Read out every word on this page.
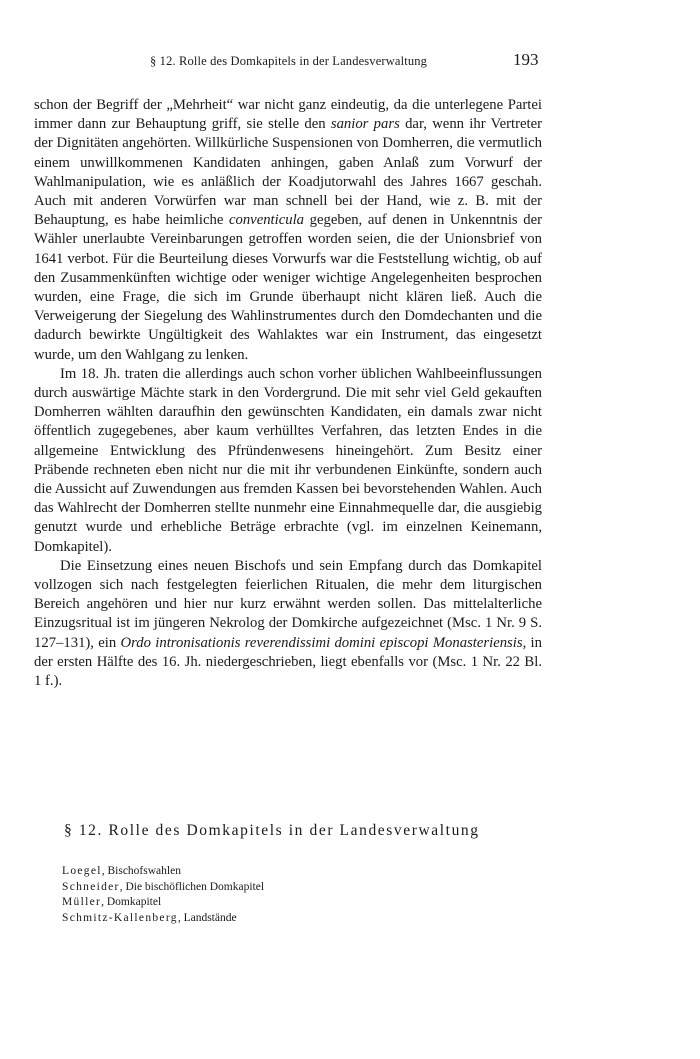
§ 12. Rolle des Domkapitels in der Landesverwaltung	193

schon der Begriff der „Mehrheit“ war nicht ganz eindeutig, da die unterlegene Partei immer dann zur Behauptung griff, sie stelle den sanior pars dar, wenn ihr Vertreter der Dignitäten angehörten. Willkürliche Suspensionen von Domherren, die vermutlich einem unwillkommenen Kandidaten anhingen, gaben Anlaß zum Vorwurf der Wahlmanipulation, wie es anläßlich der Koadjutorwahl des Jahres 1667 geschah. Auch mit anderen Vorwürfen war man schnell bei der Hand, wie z. B. mit der Behauptung, es habe heimliche conventicula gegeben, auf denen in Unkenntnis der Wähler unerlaubte Vereinbarungen getroffen worden seien, die der Unionsbrief von 1641 verbot. Für die Beurteilung dieses Vorwurfs war die Feststellung wichtig, ob auf den Zusammenkünften wichtige oder weniger wichtige Angelegenheiten besprochen wurden, eine Frage, die sich im Grunde überhaupt nicht klären ließ. Auch die Verweigerung der Siegelung des Wahlinstrumentes durch den Domdechanten und die dadurch bewirkte Ungültigkeit des Wahlaktes war ein Instrument, das eingesetzt wurde, um den Wahlgang zu lenken.

Im 18. Jh. traten die allerdings auch schon vorher üblichen Wahlbeeinflussungen durch auswärtige Mächte stark in den Vordergrund. Die mit sehr viel Geld gekauften Domherren wählten daraufhin den gewünschten Kandidaten, ein damals zwar nicht öffentlich zugegebenes, aber kaum verhülltes Verfahren, das letzten Endes in die allgemeine Entwicklung des Pfründenwesens hineingehört. Zum Besitz einer Präbende rechneten eben nicht nur die mit ihr verbundenen Einkünfte, sondern auch die Aussicht auf Zuwendungen aus fremden Kassen bei bevorstehenden Wahlen. Auch das Wahlrecht der Domherren stellte nunmehr eine Einnahmequelle dar, die ausgiebig genutzt wurde und erhebliche Beträge erbrachte (vgl. im einzelnen Keinemann, Domkapitel).

Die Einsetzung eines neuen Bischofs und sein Empfang durch das Domkapitel vollzogen sich nach festgelegten feierlichen Ritualen, die mehr dem liturgischen Bereich angehören und hier nur kurz erwähnt werden sollen. Das mittelalterliche Einzugsritual ist im jüngeren Nekrolog der Domkirche aufgezeichnet (Msc. 1 Nr. 9 S. 127–131), ein Ordo intronisationis reverendissimi domini episcopi Monasteriensis, in der ersten Hälfte des 16. Jh. niedergeschrieben, liegt ebenfalls vor (Msc. 1 Nr. 22 Bl. 1 f.).

§ 12. Rolle des Domkapitels in der Landesverwaltung
Loegel, Bischofswahlen
Schneider, Die bischöflichen Domkapitel
Müller, Domkapitel
Schmitz-Kallenberg, Landstände
